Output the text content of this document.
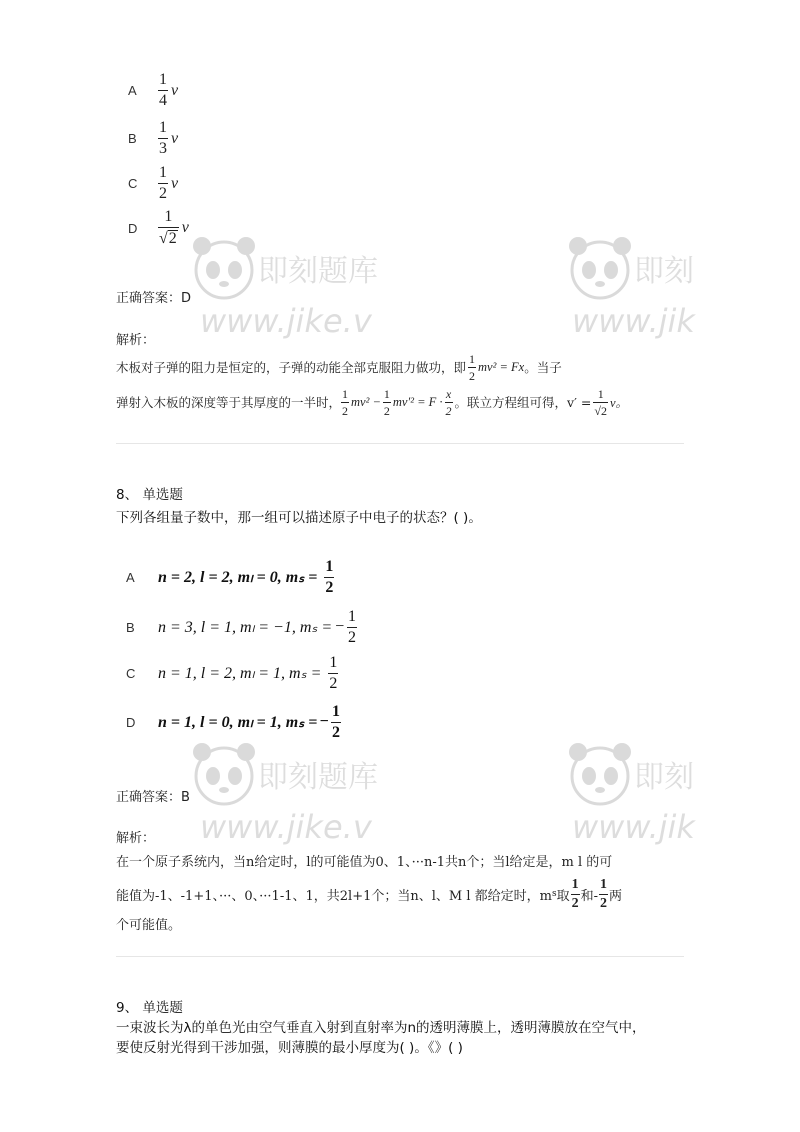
A	$\frac{1}{4}$ v
B	$\frac{1}{3}$ v
C	$\frac{1}{2}$ v
D	$\frac{1}{√ 2}$ v
正确答案：D
解析：
木板对子弹的阻力是恒定的，子弹的动能全部克服阻力做功，即 $\frac{1}{2} mv^2 = Fx$ 。当子
弹射入木板的深度等于其厚度的一半时， $\frac{1}{2} mv^2 - \frac{1}{2} mv'^2 = F \cdot \frac{x}{2}$ 。联立方程组可得，$v' = \frac{1}{√2}$ v。
8、 单选题
下列各组量子数中，那一组可以描述原子中电子的状态？( )。
A	n = 2, l = 2, mₗ = 0, $m_s = \frac{1}{2}$
B	n = 3, l = 1, mₗ = −1, mₛ = − $\frac{1}{2}$
C	n = 1, l = 2, mₗ = 1, $m_s = \frac{1}{2}$
D	n = 1, l = 0, mₗ = 1, mₛ = − $\frac{1}{2}$
正确答案：B
解析：
在一个原子系统内，当n给定时，l的可能值为0、1、···n-1共n个；当l给定是，m l 的可
能值为-1、-1+1、···、0、···1-1、1，共2l+1个；当n、l、M l 都给定时，m s 取 $\frac{1}{2}$ 和- $\frac{1}{2}$ 两
个可能值。
9、 单选题
一束波长为λ的单色光由空气垂直入射到直射率为n的透明薄膜上，透明薄膜放在空气中，
要使反射光得到干涉加强，则薄膜的最小厚度为( )。《》( )
即刻题库
www.jike.v
即刻
www.jik
即刻题库
www.jike.v
即刻
www.jik
